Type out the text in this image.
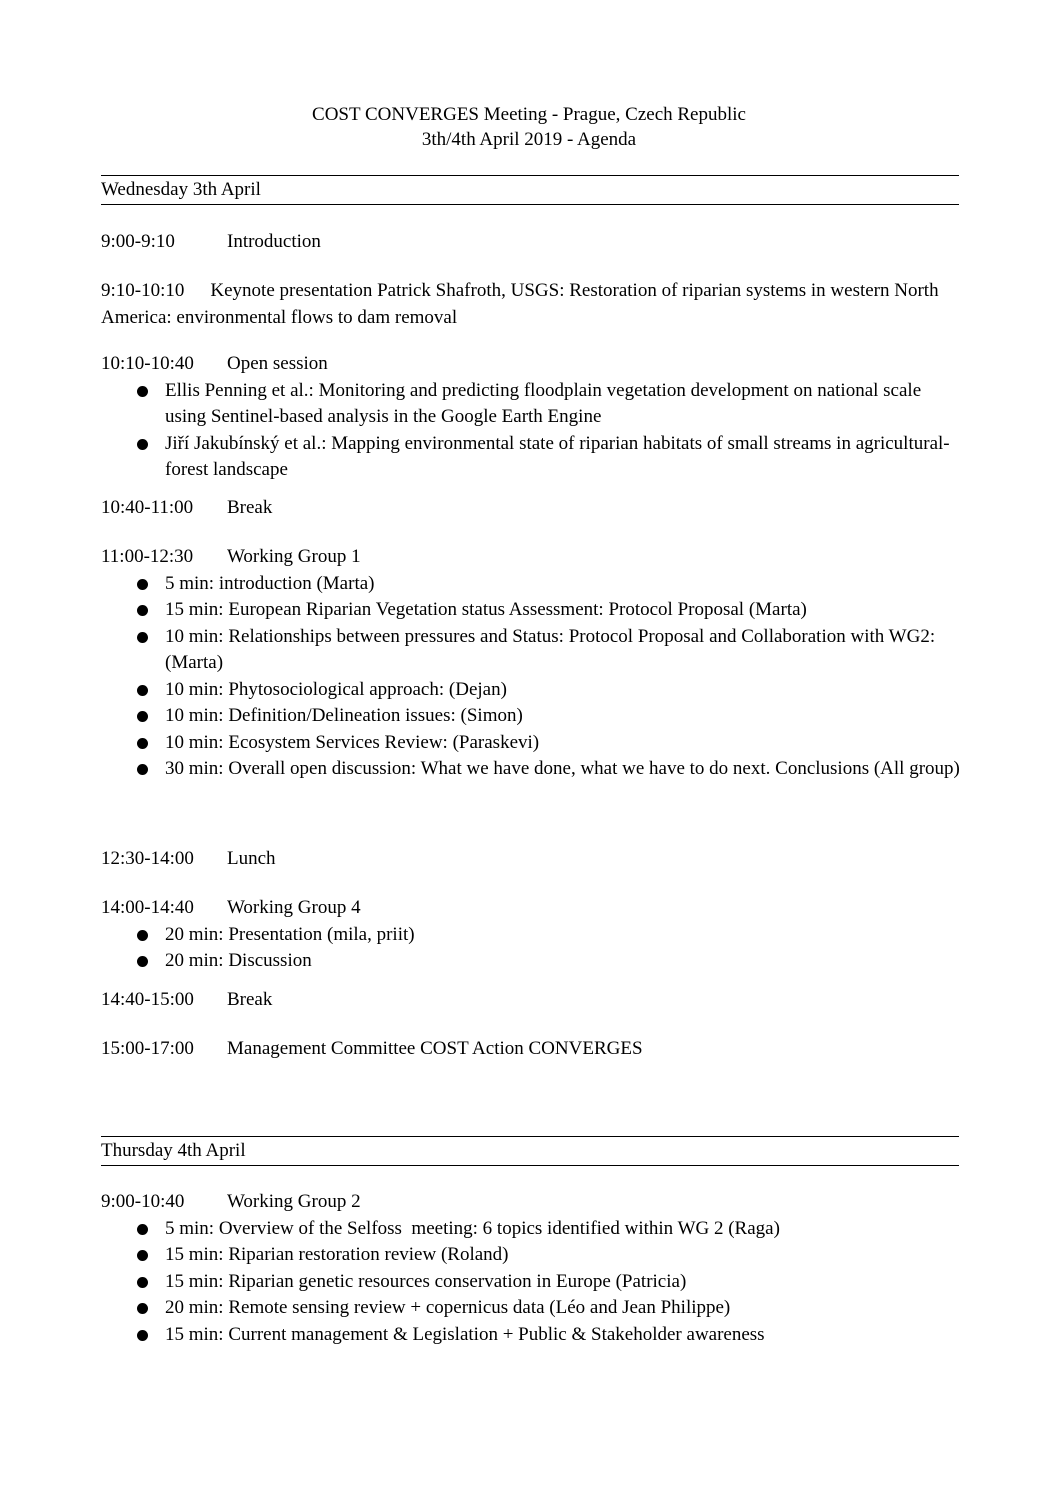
COST CONVERGES Meeting - Prague, Czech Republic
3th/4th April 2019 - Agenda
Wednesday 3th April
9:00-9:10	Introduction
9:10-10:10 Keynote presentation Patrick Shafroth, USGS: Restoration of riparian systems in western North America: environmental flows to dam removal
10:10-10:40 Open session
Ellis Penning et al.: Monitoring and predicting floodplain vegetation development on national scale using Sentinel-based analysis in the Google Earth Engine
Jiří Jakubínský et al.: Mapping environmental state of riparian habitats of small streams in agricultural-forest landscape
10:40-11:00 Break
11:00-12:30 Working Group 1
5 min: introduction (Marta)
15 min: European Riparian Vegetation status Assessment: Protocol Proposal (Marta)
10 min: Relationships between pressures and Status: Protocol Proposal and Collaboration with WG2: (Marta)
10 min: Phytosociological approach: (Dejan)
10 min: Definition/Delineation issues: (Simon)
10 min: Ecosystem Services Review: (Paraskevi)
30 min: Overall open discussion: What we have done, what we have to do next. Conclusions (All group)
12:30-14:00 Lunch
14:00-14:40 Working Group 4
20 min: Presentation (mila, priit)
20 min: Discussion
14:40-15:00 Break
15:00-17:00 Management Committee COST Action CONVERGES
Thursday 4th April
9:00-10:40 Working Group 2
5 min: Overview of the Selfoss  meeting: 6 topics identified within WG 2 (Raga)
15 min: Riparian restoration review (Roland)
15 min: Riparian genetic resources conservation in Europe (Patricia)
20 min: Remote sensing review + copernicus data (Léo and Jean Philippe)
15 min: Current management & Legislation + Public & Stakeholder awareness
